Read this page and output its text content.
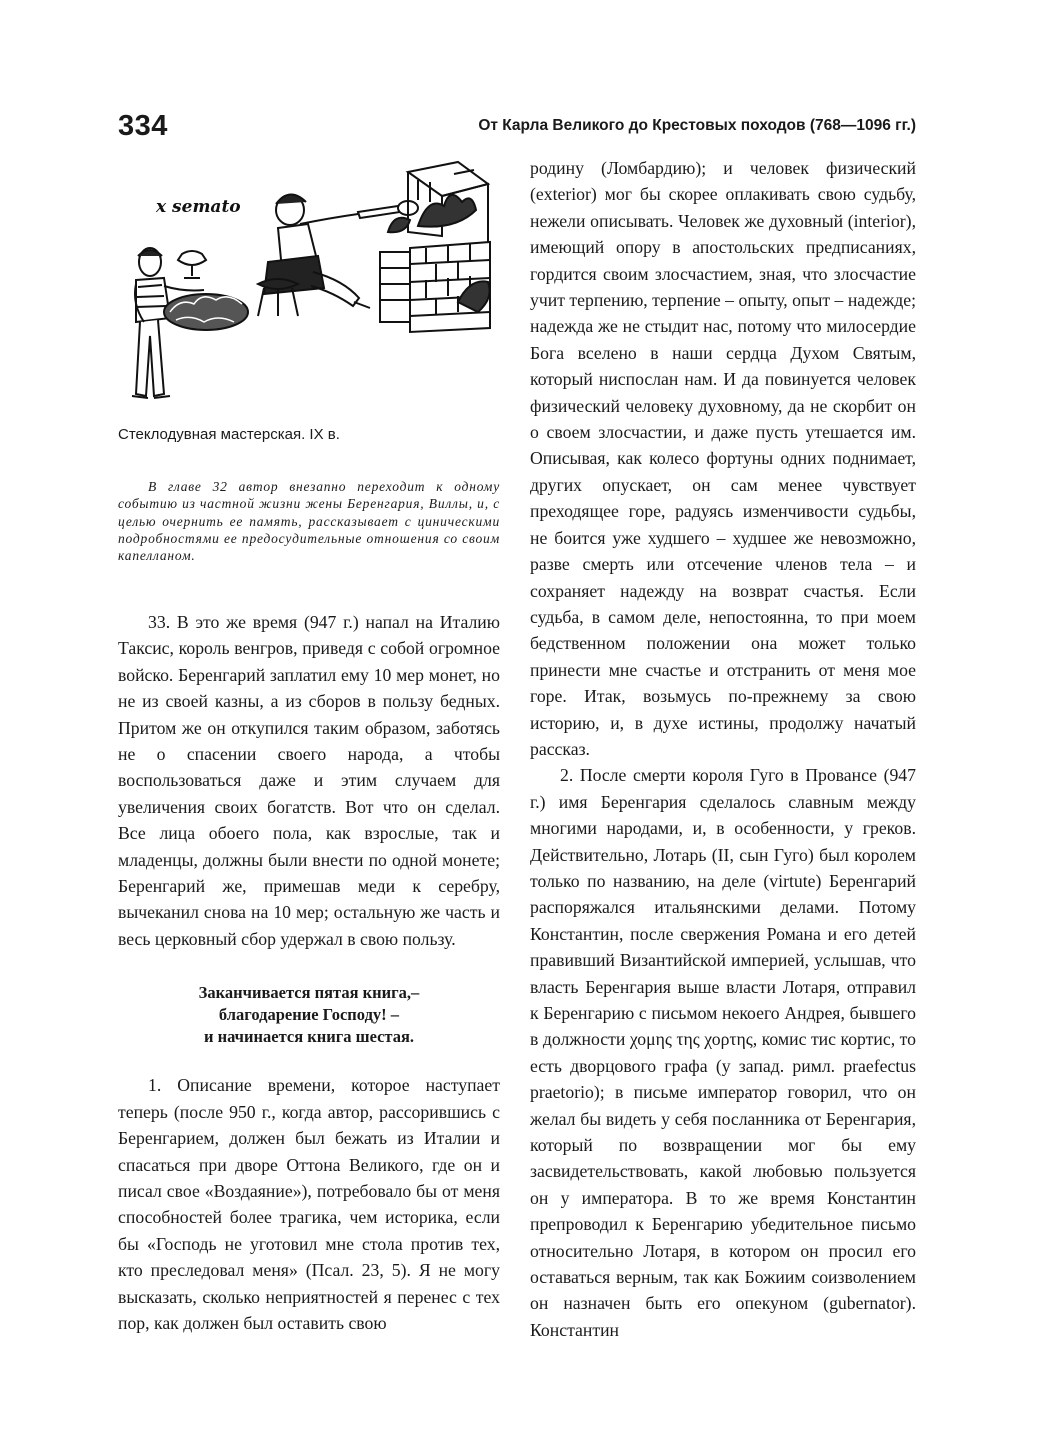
334	От Карла Великого до Крестовых походов (768—1096 гг.)
x semato
Стеклодувная мастерская. IX в.
В главе 32 автор внезапно переходит к одному событию из частной жизни жены Беренгария, Виллы, и, с целью очернить ее память, рассказывает с циническими подробностями ее предосудительные отношения со своим капелланом.

33. В это же время (947 г.) напал на Италию Таксис, король венгров, приведя с собой огромное войско. Беренгарий заплатил ему 10 мер монет, но не из своей казны, а из сборов в пользу бедных. Притом же он откупился таким образом, заботясь не о спасении своего народа, а чтобы воспользоваться даже и этим случаем для увеличения своих богатств. Вот что он сделал. Все лица обоего пола, как взрослые, так и младенцы, должны были внести по одной монете; Беренгарий же, примешав меди к серебру, вычеканил снова на 10 мер; остальную же часть и весь церковный сбор удержал в свою пользу.

Заканчивается пятая книга,–
благодарение Господу! –
и начинается книга шестая.

1. Описание времени, которое наступает теперь (после 950 г., когда автор, рассорившись с Беренгарием, должен был бежать из Италии и спасаться при дворе Оттона Великого, где он и писал свое «Воздаяние»), потребовало бы от меня способностей более трагика, чем историка, если бы «Господь не уготовил мне стола против тех, кто преследовал меня» (Псал. 23, 5). Я не могу высказать, сколько неприятностей я перенес с тех пор, как должен был оставить свою

родину (Ломбардию); и человек физический (exterior) мог бы скорее оплакивать свою судьбу, нежели описывать. Человек же духовный (interior), имеющий опору в апостольских предписаниях, гордится своим злосчастием, зная, что злосчастие учит терпению, терпение – опыту, опыт – надежде; надежда же не стыдит нас, потому что милосердие Бога вселено в наши сердца Духом Святым, который ниспослан нам. И да повинуется человек физический человеку духовному, да не скорбит он о своем злосчастии, и даже пусть утешается им. Описывая, как колесо фортуны одних поднимает, других опускает, он сам менее чувствует преходящее горе, радуясь изменчивости судьбы, не боится уже худшего – худшее же невозможно, разве смерть или отсечение членов тела – и сохраняет надежду на возврат счастья. Если судьба, в самом деле, непостоянна, то при моем бедственном положении она может только принести мне счастье и отстранить от меня мое горе. Итак, возьмусь по-прежнему за свою историю, и, в духе истины, продолжу начатый рассказ.

2. После смерти короля Гуго в Провансе (947 г.) имя Беренгария сделалось славным между многими народами, и, в особенности, у греков. Действительно, Лотарь (II, сын Гуго) был королем только по названию, на деле (virtute) Беренгарий распоряжался итальянскими делами. Потому Константин, после свержения Романа и его детей правивший Византийской империей, услышав, что власть Беренгария выше власти Лотаря, отправил к Беренгарию с письмом некоего Андрея, бывшего в должности χομης της χορτης, комис тис кортис, то есть дворцового графа (у запад. римл. praefectus praetorio); в письме император говорил, что он желал бы видеть у себя посланника от Беренгария, который по возвращении мог бы ему засвидетельствовать, какой любовью пользуется он у императора. В то же время Константин препроводил к Беренгарию убедительное письмо относительно Лотаря, в котором он просил его оставаться верным, так как Божиим соизволением он назначен быть его опекуном (gubernator). Константин
